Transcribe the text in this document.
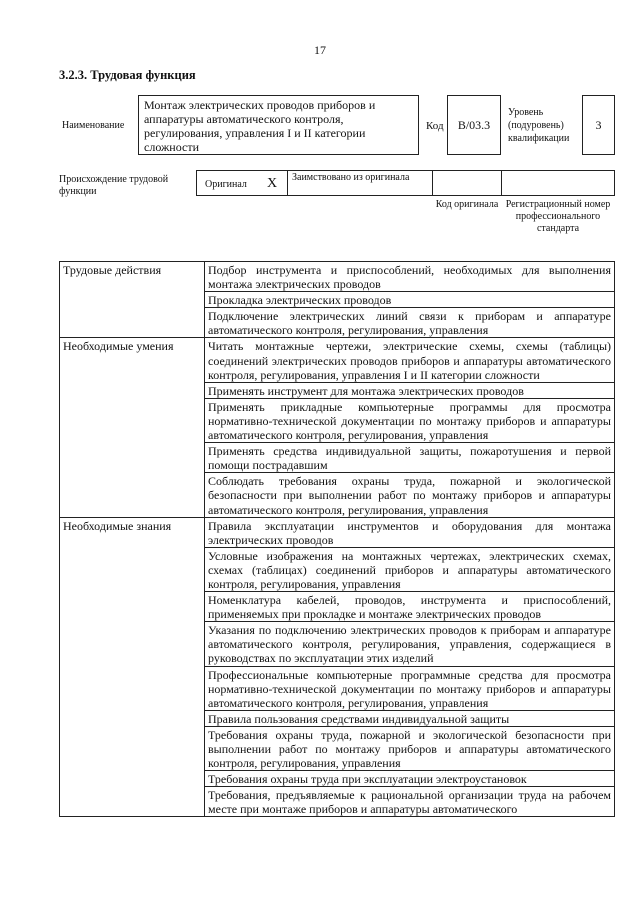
17
3.2.3. Трудовая функция
Наименование
Монтаж электрических проводов приборов и аппаратуры автоматического контроля, регулирования, управления I и II категории сложности
Код B/03.3
Уровень (подуровень) квалификации
3
Происхождение трудовой функции
Оригинал X	Заимствовано из оригинала
Код оригинала Регистрационный номер профессионального стандарта
Трудовые действия	Подбор инструмента и приспособлений, необходимых для выполнения монтажа электрических проводов
	Прокладка электрических проводов
	Подключение электрических линий связи к приборам и аппаратуре автоматического контроля, регулирования, управления
Необходимые умения	Читать монтажные чертежи, электрические схемы, схемы (таблицы) соединений электрических проводов приборов и аппаратуры автоматического контроля, регулирования, управления I и II категории сложности
	Применять инструмент для монтажа электрических проводов
	Применять прикладные компьютерные программы для просмотра нормативно-технической документации по монтажу приборов и аппаратуры автоматического контроля, регулирования, управления
	Применять средства индивидуальной защиты, пожаротушения и первой помощи пострадавшим
	Соблюдать требования охраны труда, пожарной и экологической безопасности при выполнении работ по монтажу приборов и аппаратуры автоматического контроля, регулирования, управления
Необходимые знания	Правила эксплуатации инструментов и оборудования для монтажа электрических проводов
	Условные изображения на монтажных чертежах, электрических схемах, схемах (таблицах) соединений приборов и аппаратуры автоматического контроля, регулирования, управления
	Номенклатура кабелей, проводов, инструмента и приспособлений, применяемых при прокладке и монтаже электрических проводов
	Указания по подключению электрических проводов к приборам и аппаратуре автоматического контроля, регулирования, управления, содержащиеся в руководствах по эксплуатации этих изделий
	Профессиональные компьютерные программные средства для просмотра нормативно-технической документации по монтажу приборов и аппаратуры автоматического контроля, регулирования, управления
	Правила пользования средствами индивидуальной защиты
	Требования охраны труда, пожарной и экологической безопасности при выполнении работ по монтажу приборов и аппаратуры автоматического контроля, регулирования, управления
	Требования охраны труда при эксплуатации электроустановок
	Требования, предъявляемые к рациональной организации труда на рабочем месте при монтаже приборов и аппаратуры автоматического
